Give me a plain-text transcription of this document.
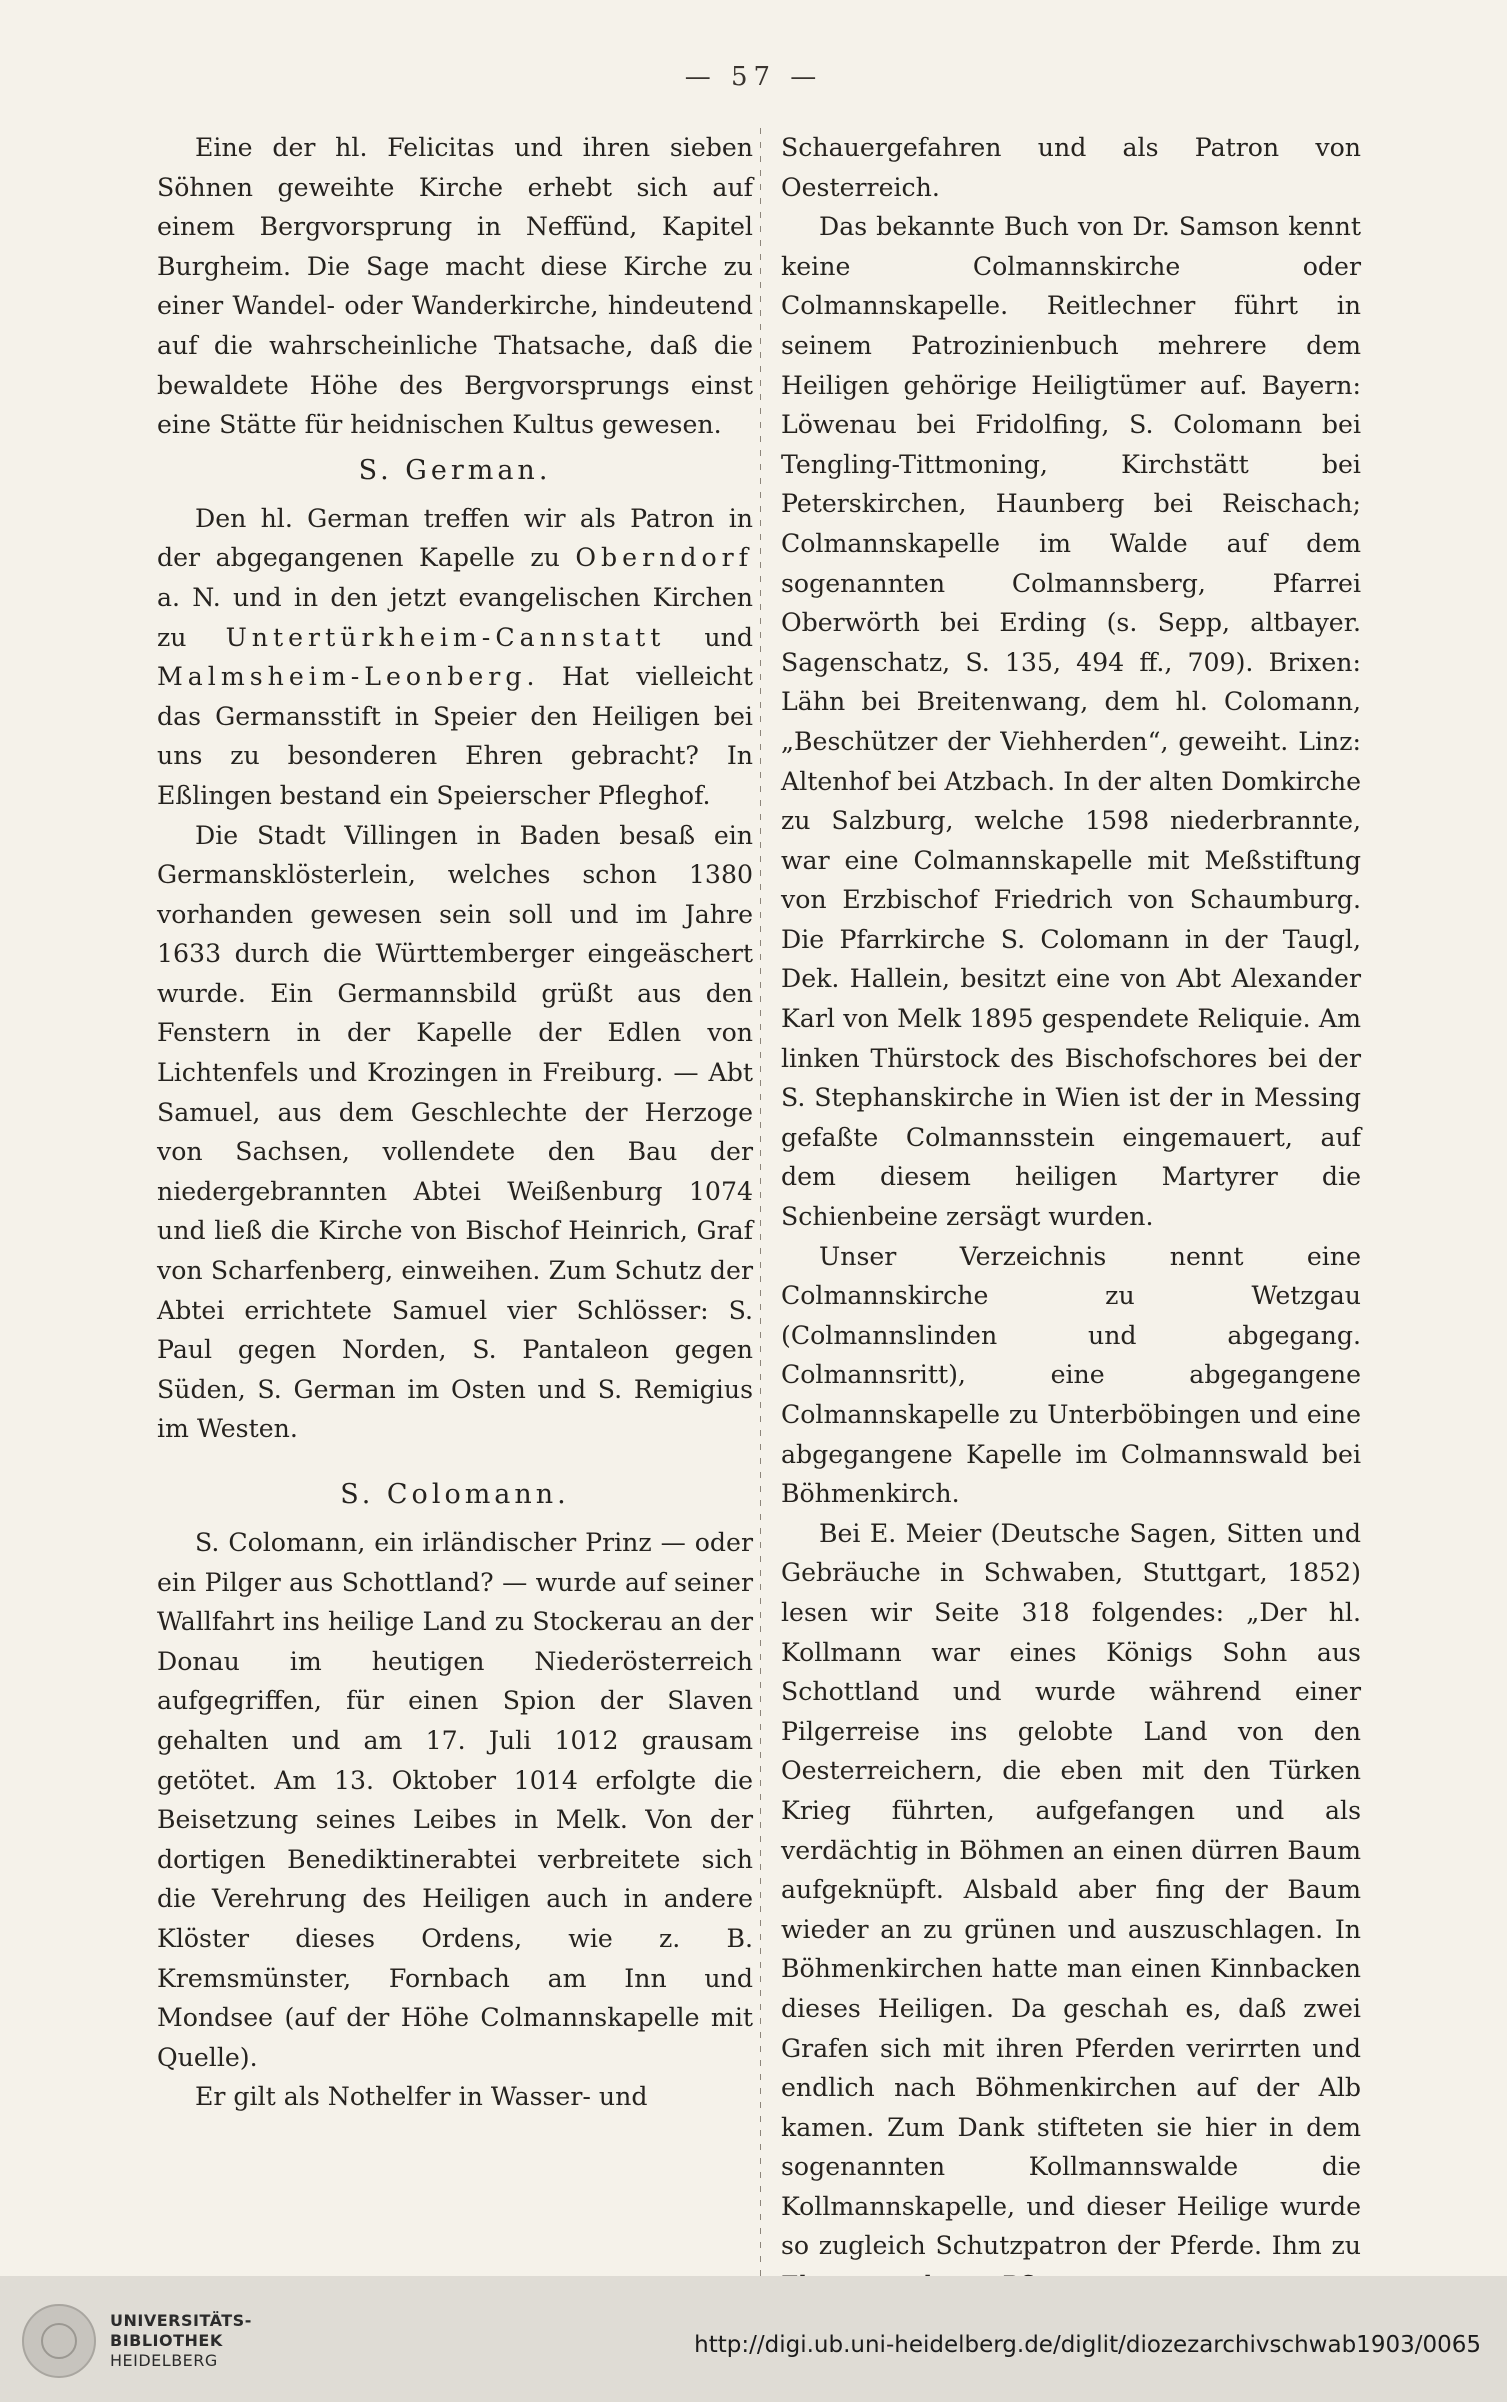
— 57 —

Eine der hl. Felicitas und ihren sieben Söhnen geweihte Kirche erhebt sich auf einem Bergvorsprung in Neffünd, Kapitel Burgheim. Die Sage macht diese Kirche zu einer Wandel- oder Wanderkirche, hindeutend auf die wahrscheinliche Thatsache, daß die bewaldete Höhe des Bergvorsprungs einst eine Stätte für heidnischen Kultus gewesen.

S. German.

Den hl. German treffen wir als Patron in der abgegangenen Kapelle zu Oberndorf a. N. und in den jetzt evangelischen Kirchen zu Untertürkheim-Cannstatt und Malmsheim-Leonberg. Hat vielleicht das Germansstift in Speier den Heiligen bei uns zu besonderen Ehren gebracht? In Eßlingen bestand ein Speierscher Pfleghof.

Die Stadt Villingen in Baden besaß ein Germansklösterlein, welches schon 1380 vorhanden gewesen sein soll und im Jahre 1633 durch die Württemberger eingeäschert wurde. Ein Germannsbild grüßt aus den Fenstern in der Kapelle der Edlen von Lichtenfels und Krozingen in Freiburg. — Abt Samuel, aus dem Geschlechte der Herzoge von Sachsen, vollendete den Bau der niedergebrannten Abtei Weißenburg 1074 und ließ die Kirche von Bischof Heinrich, Graf von Scharfenberg, einweihen. Zum Schutz der Abtei errichtete Samuel vier Schlösser: S. Paul gegen Norden, S. Pantaleon gegen Süden, S. German im Osten und S. Remigius im Westen.

S. Colomann.

S. Colomann, ein irländischer Prinz — oder ein Pilger aus Schottland? — wurde auf seiner Wallfahrt ins heilige Land zu Stockerau an der Donau im heutigen Niederösterreich aufgegriffen, für einen Spion der Slaven gehalten und am 17. Juli 1012 grausam getötet. Am 13. Oktober 1014 erfolgte die Beisetzung seines Leibes in Melk. Von der dortigen Benediktinerabtei verbreitete sich die Verehrung des Heiligen auch in andere Klöster dieses Ordens, wie z. B. Kremsmünster, Fornbach am Inn und Mondsee (auf der Höhe Colmannskapelle mit Quelle).

Er gilt als Nothelfer in Wasser- und

Schauergefahren und als Patron von Oesterreich.

Das bekannte Buch von Dr. Samson kennt keine Colmannskirche oder Colmannskapelle. Reitlechner führt in seinem Patrozinienbuch mehrere dem Heiligen gehörige Heiligtümer auf. Bayern: Löwenau bei Fridolfing, S. Colomann bei Tengling-Tittmoning, Kirchstätt bei Peterskirchen, Haunberg bei Reischach; Colmannskapelle im Walde auf dem sogenannten Colmannsberg, Pfarrei Oberwörth bei Erding (s. Sepp, altbayer. Sagenschatz, S. 135, 494 ff., 709). Brixen: Lähn bei Breitenwang, dem hl. Colomann, „Beschützer der Viehherden“, geweiht. Linz: Altenhof bei Atzbach. In der alten Domkirche zu Salzburg, welche 1598 niederbrannte, war eine Colmannskapelle mit Meßstiftung von Erzbischof Friedrich von Schaumburg. Die Pfarrkirche S. Colomann in der Taugl, Dek. Hallein, besitzt eine von Abt Alexander Karl von Melk 1895 gespendete Reliquie. Am linken Thürstock des Bischofschores bei der S. Stephanskirche in Wien ist der in Messing gefaßte Colmannsstein eingemauert, auf dem diesem heiligen Martyrer die Schienbeine zersägt wurden.

Unser Verzeichnis nennt eine Colmannskirche zu Wetzgau (Colmannslinden und abgegang. Colmannsritt), eine abgegangene Colmannskapelle zu Unterböbingen und eine abgegangene Kapelle im Colmannswald bei Böhmenkirch.

Bei E. Meier (Deutsche Sagen, Sitten und Gebräuche in Schwaben, Stuttgart, 1852) lesen wir Seite 318 folgendes: „Der hl. Kollmann war eines Königs Sohn aus Schottland und wurde während einer Pilgerreise ins gelobte Land von den Oesterreichern, die eben mit den Türken Krieg führten, aufgefangen und als verdächtig in Böhmen an einen dürren Baum aufgeknüpft. Alsbald aber fing der Baum wieder an zu grünen und auszuschlagen. In Böhmenkirchen hatte man einen Kinnbacken dieses Heiligen. Da geschah es, daß zwei Grafen sich mit ihren Pferden verirrten und endlich nach Böhmenkirchen auf der Alb kamen. Zum Dank stifteten sie hier in dem sogenannten Kollmannswalde die Kollmannskapelle, und dieser Heilige wurde so zugleich Schutzpatron der Pferde. Ihm zu

UNIVERSITÄTS-
BIBLIOTHEK
HEIDELBERG
http://digi.ub.uni-heidelberg.de/diglit/diozezarchivschwab1903/0065
